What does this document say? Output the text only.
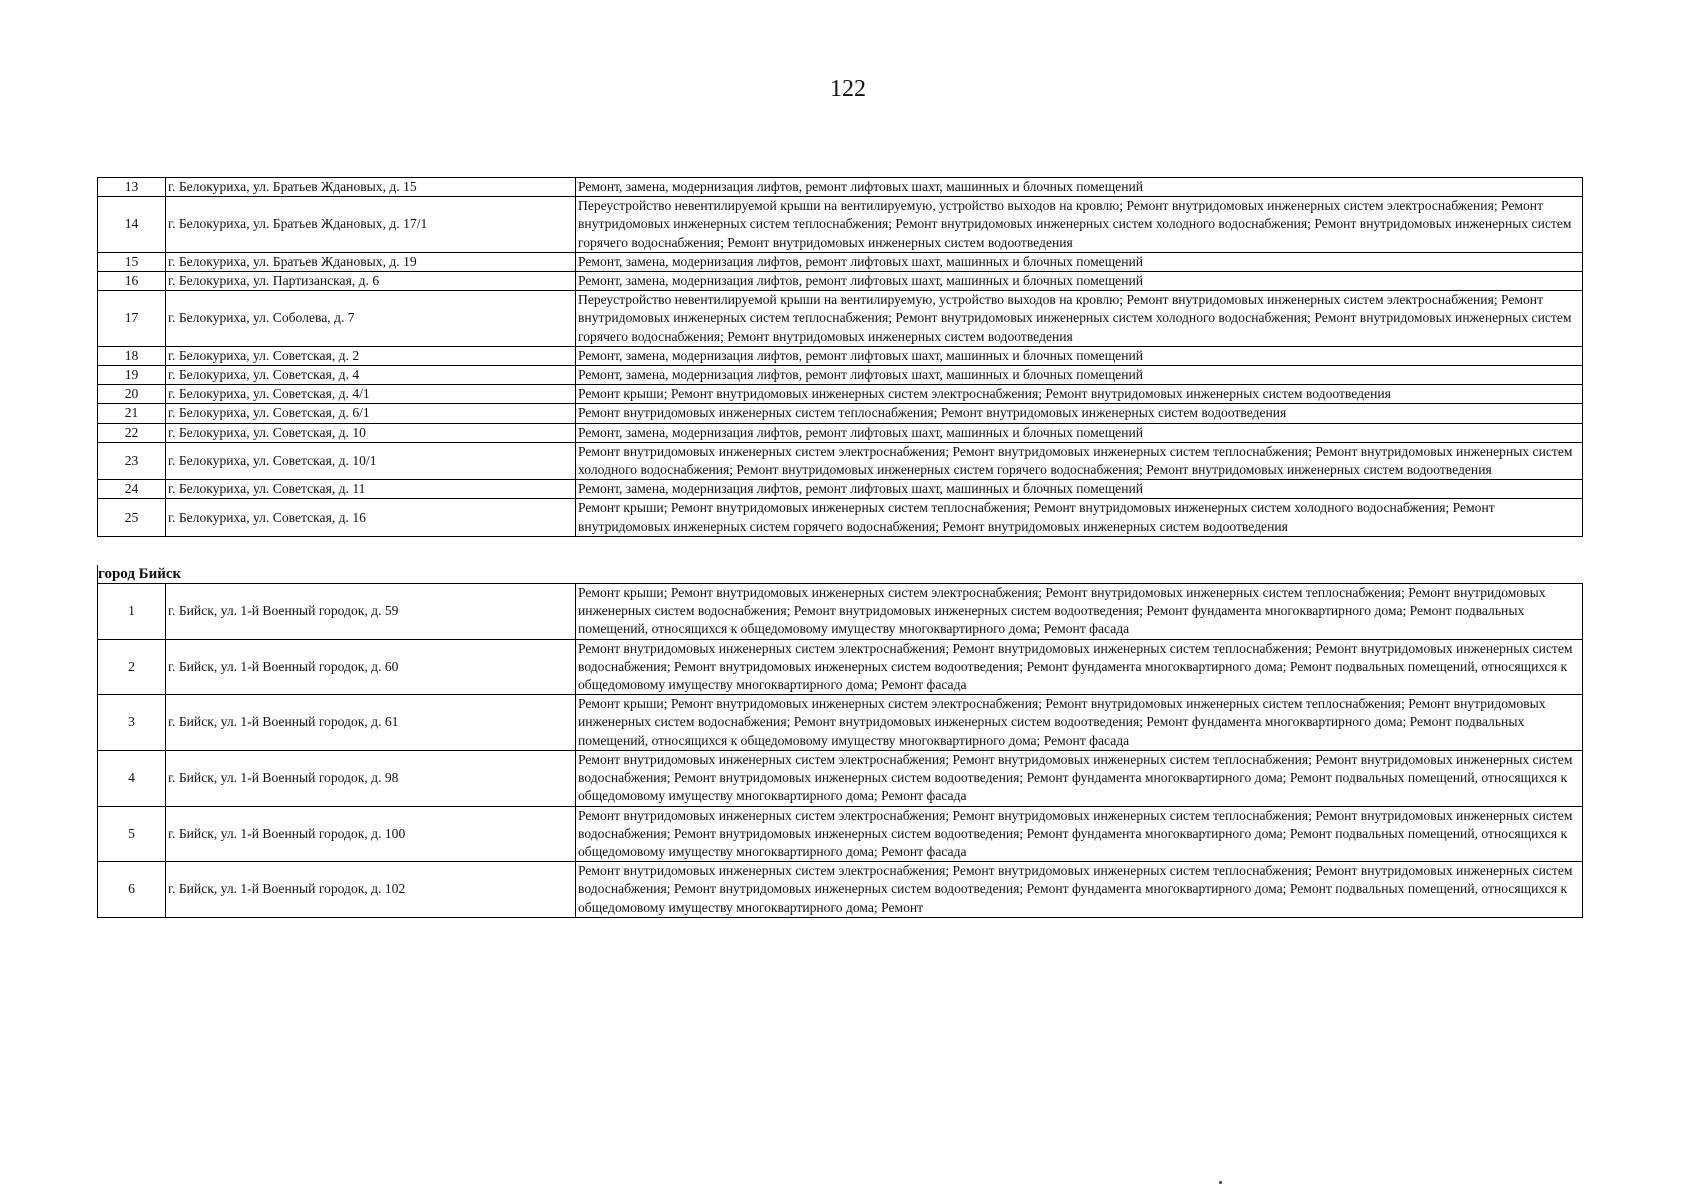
122
13	г. Белокуриха, ул. Братьев Ждановых, д. 15	Ремонт, замена, модернизация лифтов, ремонт лифтовых шахт, машинных и блочных помещений
14	г. Белокуриха, ул. Братьев Ждановых, д. 17/1	Переустройство невентилируемой крыши на вентилируемую, устройство выходов на кровлю; Ремонт внутридомовых инженерных систем электроснабжения; Ремонт внутридомовых инженерных систем теплоснабжения; Ремонт внутридомовых инженерных систем холодного водоснабжения; Ремонт внутридомовых инженерных систем горячего водоснабжения; Ремонт внутридомовых инженерных систем водоотведения
15	г. Белокуриха, ул. Братьев Ждановых, д. 19	Ремонт, замена, модернизация лифтов, ремонт лифтовых шахт, машинных и блочных помещений
16	г. Белокуриха, ул. Партизанская, д. 6	Ремонт, замена, модернизация лифтов, ремонт лифтовых шахт, машинных и блочных помещений
17	г. Белокуриха, ул. Соболева, д. 7	Переустройство невентилируемой крыши на вентилируемую, устройство выходов на кровлю; Ремонт внутридомовых инженерных систем электроснабжения; Ремонт внутридомовых инженерных систем теплоснабжения; Ремонт внутридомовых инженерных систем холодного водоснабжения; Ремонт внутридомовых инженерных систем горячего водоснабжения; Ремонт внутридомовых инженерных систем водоотведения
18	г. Белокуриха, ул. Советская, д. 2	Ремонт, замена, модернизация лифтов, ремонт лифтовых шахт, машинных и блочных помещений
19	г. Белокуриха, ул. Советская, д. 4	Ремонт, замена, модернизация лифтов, ремонт лифтовых шахт, машинных и блочных помещений
20	г. Белокуриха, ул. Советская, д. 4/1	Ремонт крыши; Ремонт внутридомовых инженерных систем электроснабжения; Ремонт внутридомовых инженерных систем водоотведения
21	г. Белокуриха, ул. Советская, д. 6/1	Ремонт внутридомовых инженерных систем теплоснабжения; Ремонт внутридомовых инженерных систем водоотведения
22	г. Белокуриха, ул. Советская, д. 10	Ремонт, замена, модернизация лифтов, ремонт лифтовых шахт, машинных и блочных помещений
23	г. Белокуриха, ул. Советская, д. 10/1	Ремонт внутридомовых инженерных систем электроснабжения; Ремонт внутридомовых инженерных систем теплоснабжения; Ремонт внутридомовых инженерных систем холодного водоснабжения; Ремонт внутридомовых инженерных систем горячего водоснабжения; Ремонт внутридомовых инженерных систем водоотведения
24	г. Белокуриха, ул. Советская, д. 11	Ремонт, замена, модернизация лифтов, ремонт лифтовых шахт, машинных и блочных помещений
25	г. Белокуриха, ул. Советская, д. 16	Ремонт крыши; Ремонт внутридомовых инженерных систем теплоснабжения; Ремонт внутридомовых инженерных систем холодного водоснабжения; Ремонт внутридомовых инженерных систем горячего водоснабжения; Ремонт внутридомовых инженерных систем водоотведения

город Бийск		
1	г. Бийск, ул. 1-й Военный городок, д. 59	Ремонт крыши; Ремонт внутридомовых инженерных систем электроснабжения; Ремонт внутридомовых инженерных систем теплоснабжения; Ремонт внутридомовых инженерных систем водоснабжения; Ремонт внутридомовых инженерных систем водоотведения; Ремонт фундамента многоквартирного дома; Ремонт подвальных помещений, относящихся к общедомовому имуществу многоквартирного дома; Ремонт фасада
2	г. Бийск, ул. 1-й Военный городок, д. 60	Ремонт внутридомовых инженерных систем электроснабжения; Ремонт внутридомовых инженерных систем теплоснабжения; Ремонт внутридомовых инженерных систем водоснабжения; Ремонт внутридомовых инженерных систем водоотведения; Ремонт фундамента многоквартирного дома; Ремонт подвальных помещений, относящихся к общедомовому имуществу многоквартирного дома; Ремонт фасада
3	г. Бийск, ул. 1-й Военный городок, д. 61	Ремонт крыши; Ремонт внутридомовых инженерных систем электроснабжения; Ремонт внутридомовых инженерных систем теплоснабжения; Ремонт внутридомовых инженерных систем водоснабжения; Ремонт внутридомовых инженерных систем водоотведения; Ремонт фундамента многоквартирного дома; Ремонт подвальных помещений, относящихся к общедомовому имуществу многоквартирного дома; Ремонт фасада
4	г. Бийск, ул. 1-й Военный городок, д. 98	Ремонт внутридомовых инженерных систем электроснабжения; Ремонт внутридомовых инженерных систем теплоснабжения; Ремонт внутридомовых инженерных систем водоснабжения; Ремонт внутридомовых инженерных систем водоотведения; Ремонт фундамента многоквартирного дома; Ремонт подвальных помещений, относящихся к общедомовому имуществу многоквартирного дома; Ремонт фасада
5	г. Бийск, ул. 1-й Военный городок, д. 100	Ремонт внутридомовых инженерных систем электроснабжения; Ремонт внутридомовых инженерных систем теплоснабжения; Ремонт внутридомовых инженерных систем водоснабжения; Ремонт внутридомовых инженерных систем водоотведения; Ремонт фундамента многоквартирного дома; Ремонт подвальных помещений, относящихся к общедомовому имуществу многоквартирного дома; Ремонт фасада
6	г. Бийск, ул. 1-й Военный городок, д. 102	Ремонт внутридомовых инженерных систем электроснабжения; Ремонт внутридомовых инженерных систем теплоснабжения; Ремонт внутридомовых инженерных систем водоснабжения; Ремонт внутридомовых инженерных систем водоотведения; Ремонт фундамента многоквартирного дома; Ремонт подвальных помещений, относящихся к общедомовому имуществу многоквартирного дома; Ремонт
